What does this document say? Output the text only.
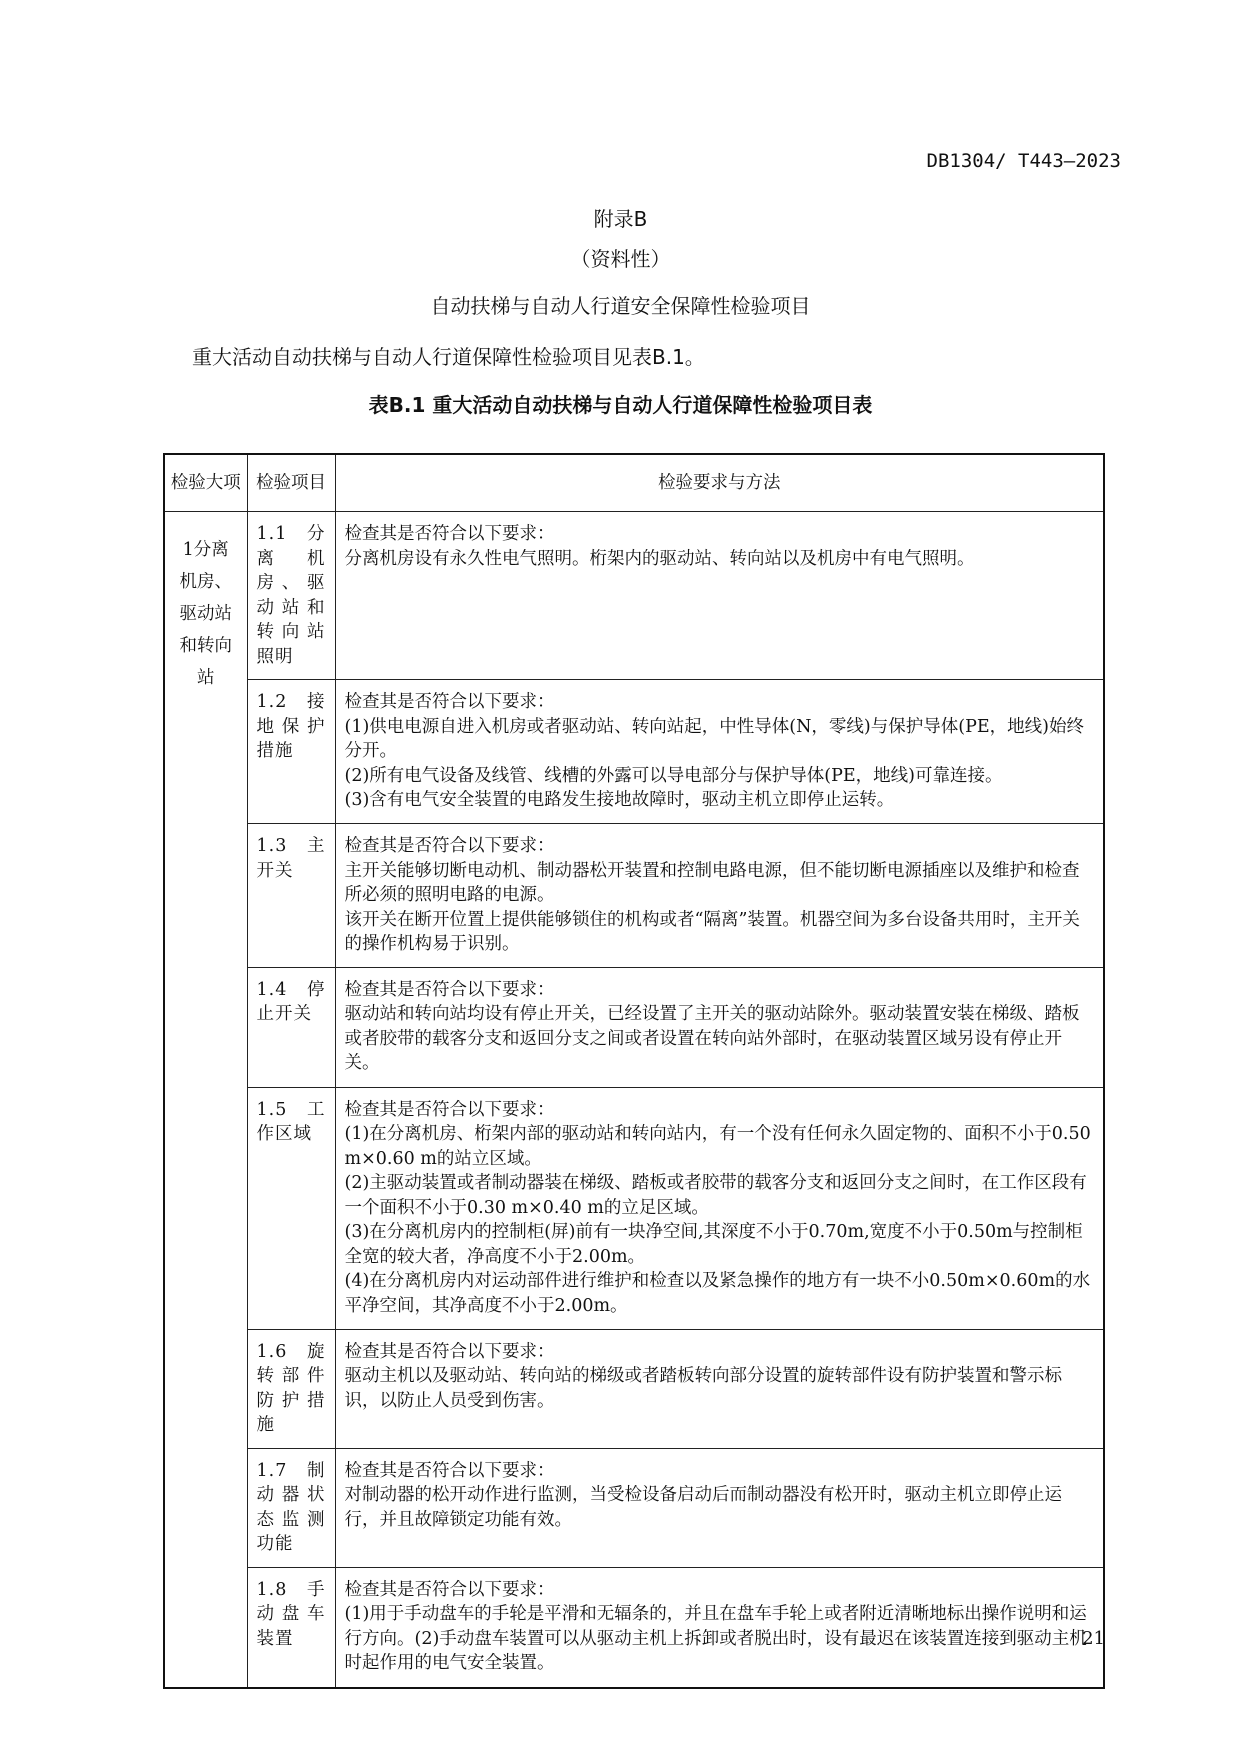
DB1304/ T443—2023
附录B
（资料性）
自动扶梯与自动人行道安全保障性检验项目
重大活动自动扶梯与自动人行道保障性检验项目见表B.1。
表B.1 重大活动自动扶梯与自动人行道保障性检验项目表
检验大项	检验项目	检验要求与方法
1分离机房、驱动站和转向站	1.1 分离机房、驱动站和转向站照明	检查其是否符合以下要求：
分离机房设有永久性电气照明。桁架内的驱动站、转向站以及机房中有电气照明。

	1.2 接地保护措施	检查其是否符合以下要求：
(1)供电电源自进入机房或者驱动站、转向站起，中性导体(N，零线)与保护导体(PE，地线)始终分开。
(2)所有电气设备及线管、线槽的外露可以导电部分与保护导体(PE，地线)可靠连接。
(3)含有电气安全装置的电路发生接地故障时，驱动主机立即停止运转。

	1.3 主开关	检查其是否符合以下要求：
主开关能够切断电动机、制动器松开装置和控制电路电源，但不能切断电源插座以及维护和检查所必须的照明电路的电源。
该开关在断开位置上提供能够锁住的机构或者“隔离”装置。机器空间为多台设备共用时，主开关的操作机构易于识别。

	1.4 停止开关	检查其是否符合以下要求：
驱动站和转向站均设有停止开关，已经设置了主开关的驱动站除外。驱动装置安装在梯级、踏板或者胶带的载客分支和返回分支之间或者设置在转向站外部时，在驱动装置区域另设有停止开关。

	1.5 工作区域	检查其是否符合以下要求：
(1)在分离机房、桁架内部的驱动站和转向站内，有一个没有任何永久固定物的、面积不小于0.50 m×0.60 m的站立区域。
(2)主驱动装置或者制动器装在梯级、踏板或者胶带的载客分支和返回分支之间时，在工作区段有一个面积不小于0.30 m×0.40 m的立足区域。
(3)在分离机房内的控制柜(屏)前有一块净空间,其深度不小于0.70m,宽度不小于0.50m与控制柜全宽的较大者，净高度不小于2.00m。
(4)在分离机房内对运动部件进行维护和检查以及紧急操作的地方有一块不小0.50m×0.60m的水平净空间，其净高度不小于2.00m。

	1.6 旋转部件防护措施	检查其是否符合以下要求：
驱动主机以及驱动站、转向站的梯级或者踏板转向部分设置的旋转部件设有防护装置和警示标识，以防止人员受到伤害。

	1.7 制动器状态监测功能	检查其是否符合以下要求：
对制动器的松开动作进行监测，当受检设备启动后而制动器没有松开时，驱动主机立即停止运行，并且故障锁定功能有效。

	1.8 手动盘车装置	检查其是否符合以下要求：
(1)用于手动盘车的手轮是平滑和无辐条的，并且在盘车手轮上或者附近清晰地标出操作说明和运行方向。(2)手动盘车装置可以从驱动主机上拆卸或者脱出时，设有最迟在该装置连接到驱动主机时起作用的电气安全装置。
21
